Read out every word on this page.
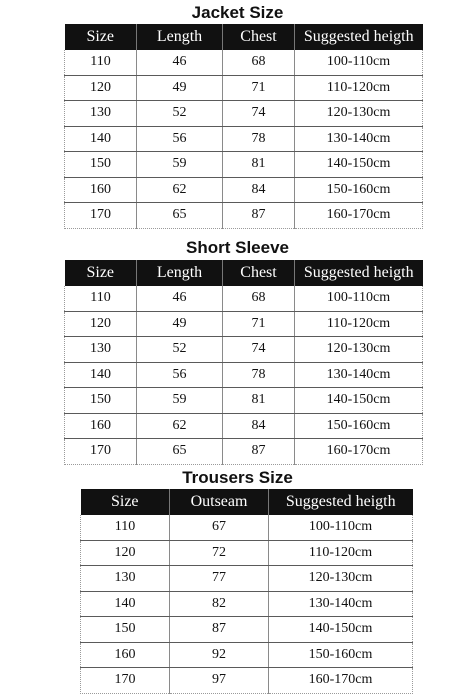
Jacket Size
Size	Length	Chest	Suggested heigth
110	46	68	100-110cm
120	49	71	110-120cm
130	52	74	120-130cm
140	56	78	130-140cm
150	59	81	140-150cm
160	62	84	150-160cm
170	65	87	160-170cm
Short Sleeve
Size	Length	Chest	Suggested heigth
110	46	68	100-110cm
120	49	71	110-120cm
130	52	74	120-130cm
140	56	78	130-140cm
150	59	81	140-150cm
160	62	84	150-160cm
170	65	87	160-170cm
Trousers Size
Size	Outseam	Suggested heigth
110	67	100-110cm
120	72	110-120cm
130	77	120-130cm
140	82	130-140cm
150	87	140-150cm
160	92	150-160cm
170	97	160-170cm
